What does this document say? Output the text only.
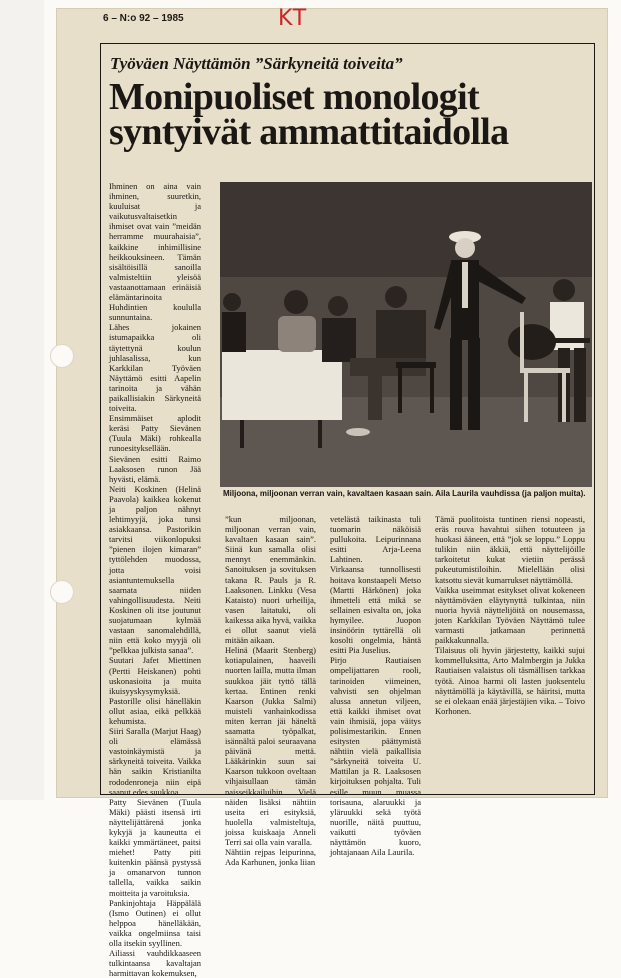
6 – N:o 92 – 1985	KT
Työväen Näyttämön ”Särkyneitä toiveita”
Monipuoliset monologit syntyivät ammattitaidolla
Ihminen on aina vain ihminen, suuretkin, kuuluisat ja vaikutusvaltaisetkin ihmiset ovat vain ”meidän herramme muurahaisia”, kaikkine inhimillisine heikkouksineen. Tämän sisältöisillä sanoilla valmisteltiin yleisöä vastaanottamaan erinäisiä elämäntarinoita Huhdintien koululla sunnuntaina.
Lähes jokainen istumapaikka oli täytettynä koulun juhlasalissa, kun Karkkilan Työväen Näyttämö esitti Aapelin tarinoita ja vähän paikallisiakin Särkyneitä toiveita.
Ensimmäiset aplodit keräsi Patty Sievänen (Tuula Mäki) rohkealla runoesityksellään. Sievänen esitti Raimo Laaksosen runon Jää hyvästi, elämä.
Neiti Koskinen (Helinä Paavola) kaikkea kokenut ja paljon nähnyt lehtimyyjä, joka tunsi asiakkaansa. Pastorikin tarvitsi viikonlopuksi ”pienen ilojen kimaran” tyttölehden muodossa, jotta voisi asiantuntemuksella saarnata niiden vahingollisuudesta. Neiti Koskinen oli itse joutunut suojatumaan kylmää vastaan sanomalehdillä, niin että koko myyjä oli ”pelkkaa julkista sanaa”.
Suutari Jafet Miettinen (Pertti Heiskanen) pohti uskonasioita ja muita ikuisyyskysymyksiä. Pastorille olisi hänelläkin ollut asiaa, eikä pelkkää kehumista.
Siiri Saralla (Marjut Haag) oli elämässä vastoinkäymistä ja särkyneitä toiveita. Vaikka hän saikin Kristianilta rododenroneja niin eipä saanut edes suukkoa.
Patty Sievänen (Tuula Mäki) päästi itsensä irti näyttelijättärenä jonka kykyjä ja kauneutta ei kaikki ymmärtäneet, paitsi miehet! Patty piti kuitenkin päänsä pystyssä ja omanarvon tunnon tallella, vaikka saikin moitteita ja varoituksia.
Pankinjohtaja Häppälälä (Ismo Outinen) ei ollut helppoa hänelläkään, vaikka ongelmiinsa taisi olla itsekin syyllinen.
Ailiassi vauhdikkaaseen tulkintaansa kavaltajan harmittavan kokemuksen,
Miljoona, miljoonan verran vain, kavaltaen kasaan sain. Aila Laurila vauhdissa (ja paljon muita).
”kun miljoonan, miljoonan verran vain, kavaltaen kasaan sain”. Siinä kun samalla olisi mennyt enemmänkin. Sanoituksen ja sovituksen takana R. Pauls ja R. Laaksonen. Linkku (Vesa Kataisto) nuori urheilija, vasen laitatuki, oli kaikessa aika hyvä, vaikka ei ollut saanut vielä mitään aikaan.
Helinä (Maarit Stenberg) kotiapulainen, haaveili nuorten lailla, mutta ilman suukkoa jäit tyttö tällä kertaa. Entinen renki Kaarson (Jukka Salmi) muisteli vanhainkodissa miten kerran jäi häneltä saamatta työpalkat, isännältä paloi seuraavana päivänä mettä. Lääkärinkin suun sai Kaarson tukkoon oveltaan vihjaisullaan tämän naisseikkailuihin. Vielä näiden lisäksi nähtiin useita eri esityksiä, huolella valmisteltuja, joissa kuiskaaja Anneli Terri sai olla vain varalla.
Nähtiin rejpas leipurinna, Ada Karhunen, jonka liian
vetelästä taikinasta tuli tuomarin näköisiä pullukoita. Leipurinnana esitti Arja-Leena Lahtinen.
Virkaansa tunnollisesti hoitava konstaapeli Metso (Martti Härkönen) joka ihmetteli että mikä se sellainen esivalta on, joka hymyilee. Juopon insinöörin tyttärellä oli kosolti ongelmia, häntä esitti Pia Juselius.
Pirjo Rautiaisen ompelijattaren rooli, tarinoiden viimeinen, vahvisti sen ohjelman alussa annetun viljeen, että kaikki ihmiset ovat vain ihmisiä, jopa väitys polisimestarikin. Ennen esitysten päättymistä nähtiin vielä paikallisia ”särkyneitä toiveita U. Mattilan ja R. Laaksosen kirjoituksen pohjalta. Tuli esille muun muassa torisauna, alaruukki ja yläruukki sekä työtä nuorille, näitä puuttuu, vaikutti työväen näyttämön kuoro, johtajanaan Aila Laurila.
Tämä puolitoista tuntinen riensi nopeasti, eräs rouva havahtui siihen totuuteen ja huokasi ääneen, että ”jok se loppu.” Loppu tulikin niin äkkiä, että näyttelijöille tarkoitetut kukat vietiin perässä pukeutumistiloihin. Mielellään olisi katsottu sievät kumarrukset näyttämöllä.
Vaikka useimmat esitykset olivat kokeneen näyttämöväen eläytynyttä tulkintaa, niin nuoria hyviä näyttelijöitä on nousemassa, joten Karkkilan Työväen Näyttämö tulee varmasti jatkamaan perinnettä paikkakunnalla.
Tilaisuus oli hyvin järjestetty, kaikki sujui kommelluksitta, Arto Malmbergin ja Jukka Rautiaisen valaistus oli täsmällisen tarkkaa työtä. Ainoa harmi oli lasten juoksentelu näyttämöllä ja käytävillä, se häiritsi, mutta se ei olekaan enää järjestäjien vika. – Toivo Korhonen.
